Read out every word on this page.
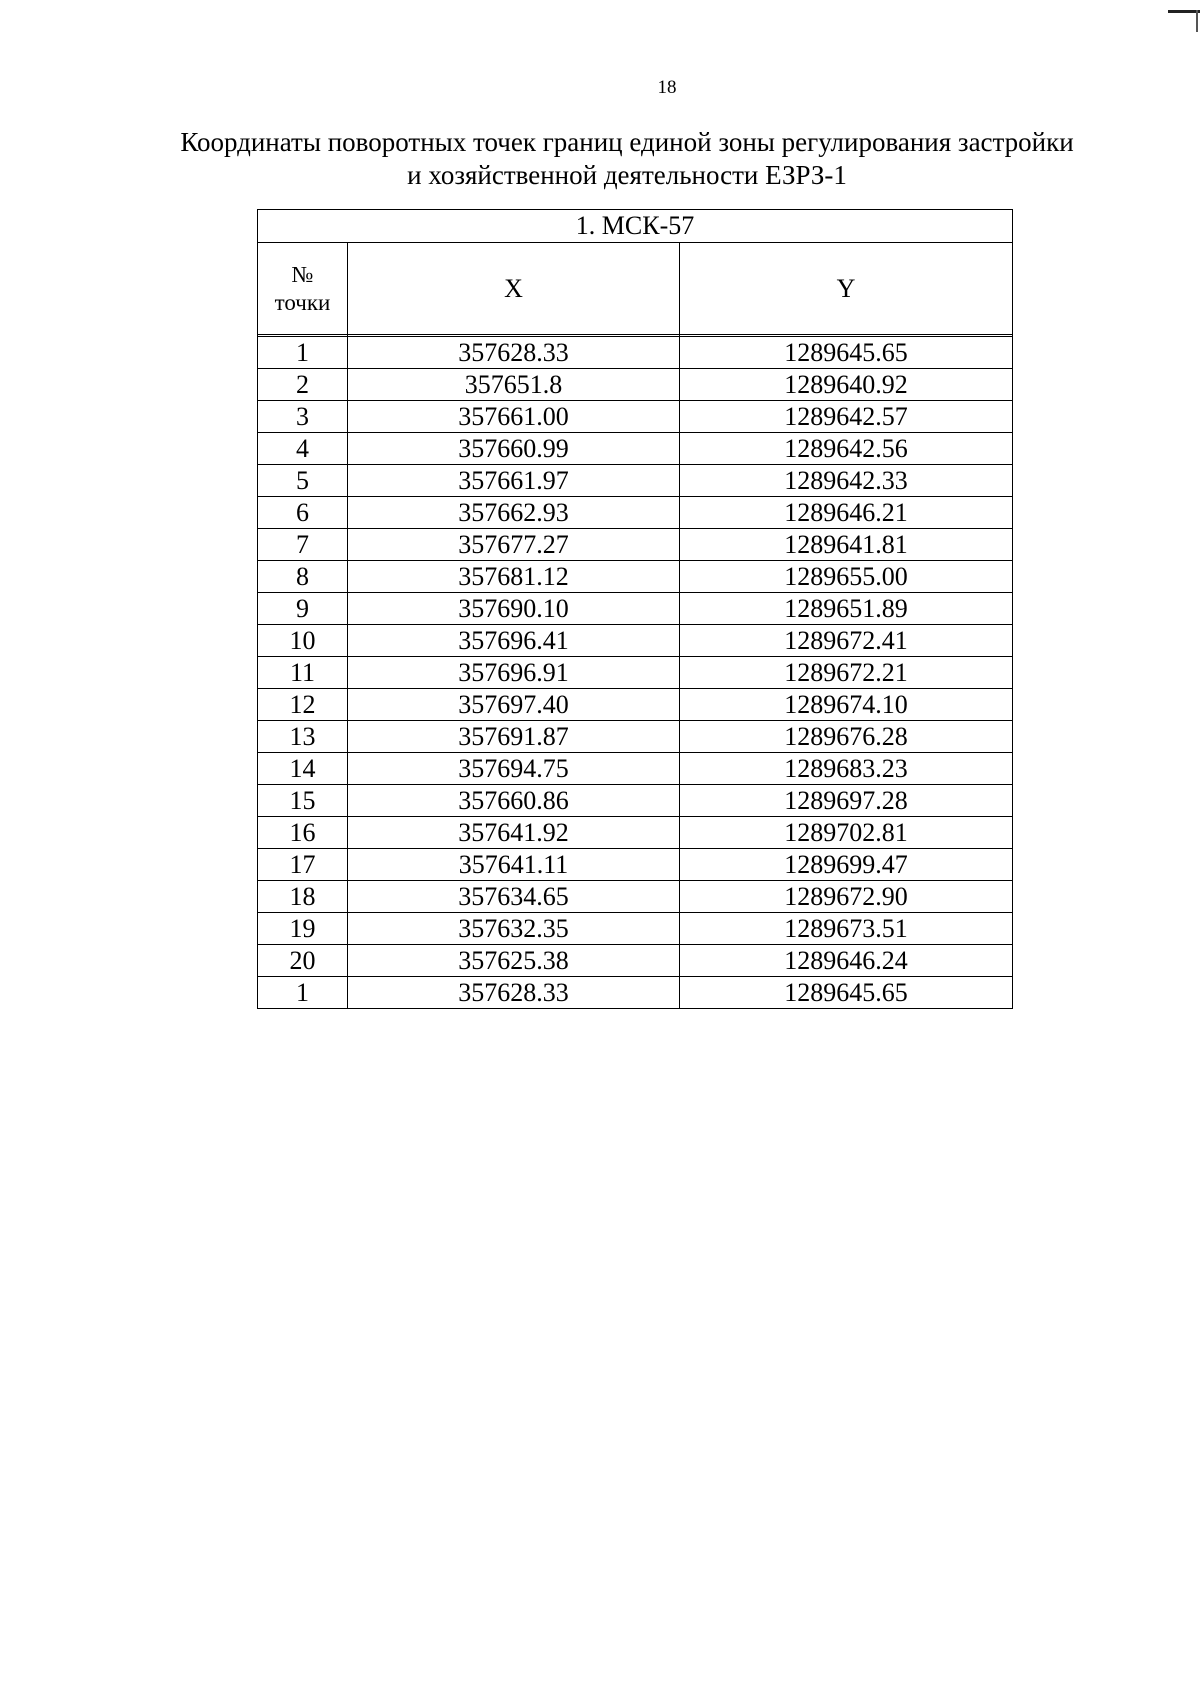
18
Координаты поворотных точек границ единой зоны регулирования застройки
и хозяйственной деятельности ЕЗРЗ-1
1. МСК-57		
№
точки	X	Y

1	357628.33	1289645.65
2	357651.8	1289640.92
3	357661.00	1289642.57
4	357660.99	1289642.56
5	357661.97	1289642.33
6	357662.93	1289646.21
7	357677.27	1289641.81
8	357681.12	1289655.00
9	357690.10	1289651.89
10	357696.41	1289672.41
11	357696.91	1289672.21
12	357697.40	1289674.10
13	357691.87	1289676.28
14	357694.75	1289683.23
15	357660.86	1289697.28
16	357641.92	1289702.81
17	357641.11	1289699.47
18	357634.65	1289672.90
19	357632.35	1289673.51
20	357625.38	1289646.24
1	357628.33	1289645.65
